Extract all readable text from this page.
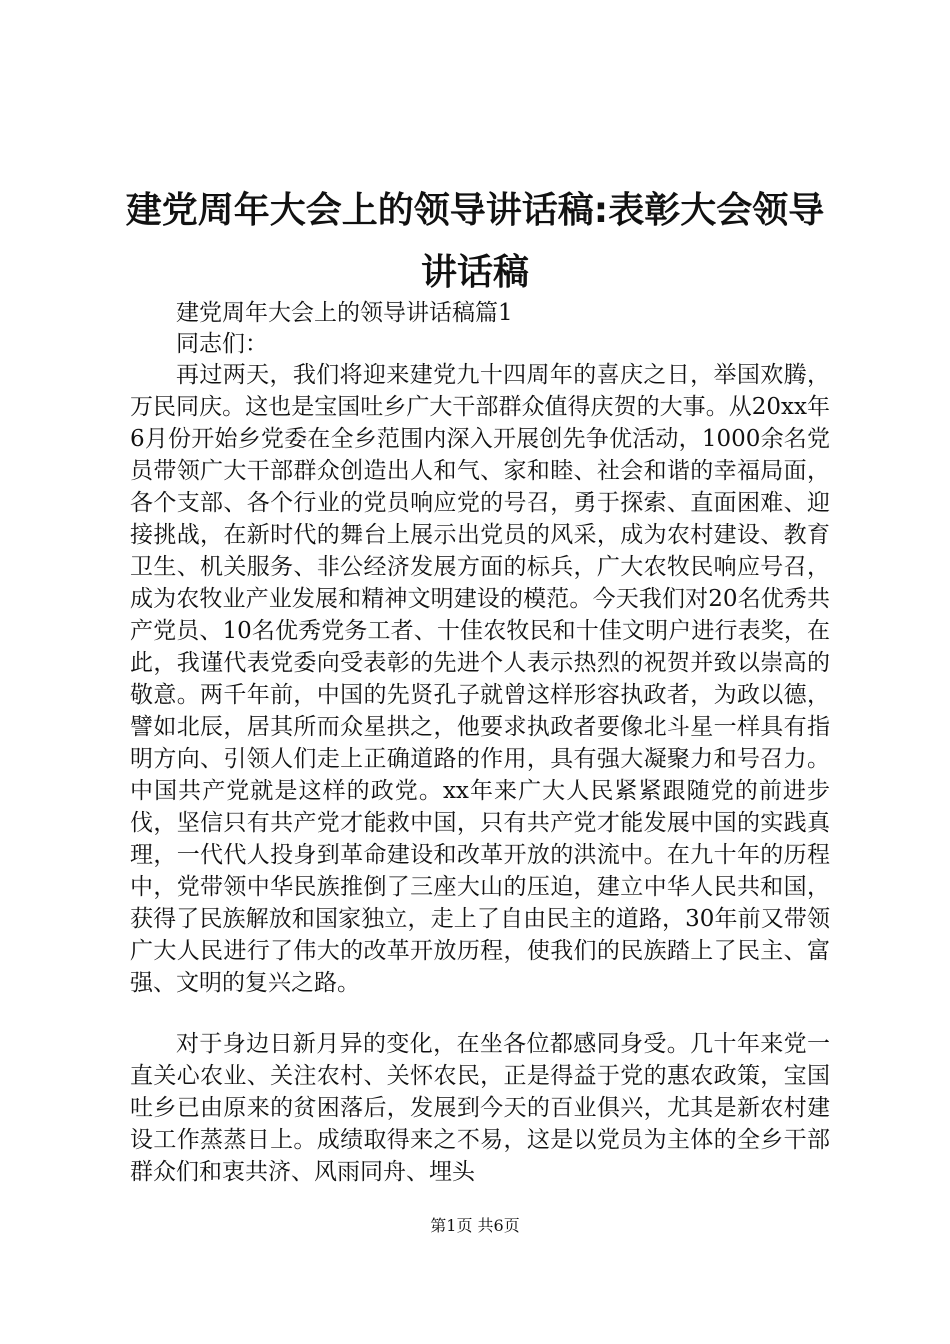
建党周年大会上的领导讲话稿:表彰大会领导讲话稿

建党周年大会上的领导讲话稿篇1

同志们：

再过两天，我们将迎来建党九十四周年的喜庆之日，举国欢腾，万民同庆。这也是宝国吐乡广大干部群众值得庆贺的大事。从20xx年6月份开始乡党委在全乡范围内深入开展创先争优活动，1000余名党员带领广大干部群众创造出人和气、家和睦、社会和谐的幸福局面，各个支部、各个行业的党员响应党的号召，勇于探索、直面困难、迎接挑战，在新时代的舞台上展示出党员的风采，成为农村建设、教育卫生、机关服务、非公经济发展方面的标兵，广大农牧民响应号召，成为农牧业产业发展和精神文明建设的模范。今天我们对20名优秀共产党员、10名优秀党务工者、十佳农牧民和十佳文明户进行表奖，在此，我谨代表党委向受表彰的先进个人表示热烈的祝贺并致以崇高的敬意。两千年前，中国的先贤孔子就曾这样形容执政者，为政以德，譬如北辰，居其所而众星拱之，他要求执政者要像北斗星一样具有指明方向、引领人们走上正确道路的作用，具有强大凝聚力和号召力。中国共产党就是这样的政党。xx年来广大人民紧紧跟随党的前进步伐，坚信只有共产党才能救中国，只有共产党才能发展中国的实践真理，一代代人投身到革命建设和改革开放的洪流中。在九十年的历程中，党带领中华民族推倒了三座大山的压迫，建立中华人民共和国，获得了民族解放和国家独立，走上了自由民主的道路，30年前又带领广大人民进行了伟大的改革开放历程，使我们的民族踏上了民主、富强、文明的复兴之路。

对于身边日新月异的变化，在坐各位都感同身受。几十年来党一直关心农业、关注农村、关怀农民，正是得益于党的惠农政策，宝国吐乡已由原来的贫困落后，发展到今天的百业俱兴，尤其是新农村建设工作蒸蒸日上。成绩取得来之不易，这是以党员为主体的全乡干部群众们和衷共济、风雨同舟、埋头

第1页 共6页
